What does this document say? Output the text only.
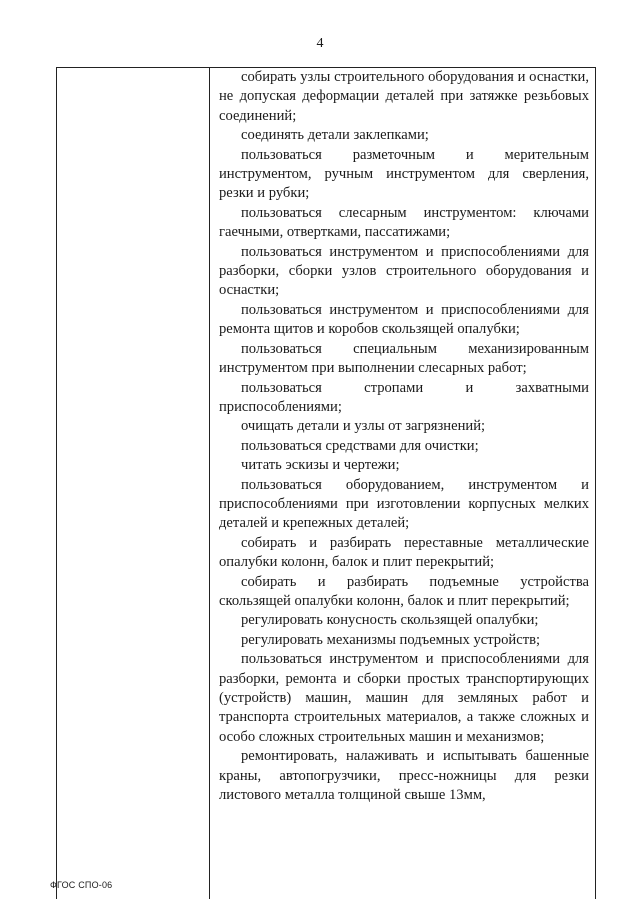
4

собирать узлы строительного оборудования и оснастки, не допуская деформации деталей при затяжке резьбовых соединений;

соединять детали заклепками;

пользоваться разметочным и мерительным инструментом, ручным инструментом для сверления, резки и рубки;

пользоваться слесарным инструментом: ключами гаечными, отвертками, пассатижами;

пользоваться инструментом и приспособлениями для разборки, сборки узлов строительного оборудования и оснастки;

пользоваться инструментом и приспособлениями для ремонта щитов и коробов скользящей опалубки;

пользоваться специальным механизированным инструментом при выполнении слесарных работ;

пользоваться стропами и захватными приспособлениями;

очищать детали и узлы от загрязнений;

пользоваться средствами для очистки;

читать эскизы и чертежи;

пользоваться оборудованием, инструментом и приспособлениями при изготовлении корпусных мелких деталей и крепежных деталей;

собирать и разбирать переставные металлические опалубки колонн, балок и плит перекрытий;

собирать и разбирать подъемные устройства скользящей опалубки колонн, балок и плит перекрытий;

регулировать конусность скользящей опалубки;

регулировать механизмы подъемных устройств;

пользоваться инструментом и приспособлениями для разборки, ремонта и сборки простых транспортирующих (устройств) машин, машин для земляных работ и транспорта строительных материалов, а также сложных и особо сложных строительных машин и механизмов;

ремонтировать, налаживать и испытывать башенные краны, автопогрузчики, пресс-ножницы для резки листового металла толщиной свыше 13мм,

ФГОС СПО-06
